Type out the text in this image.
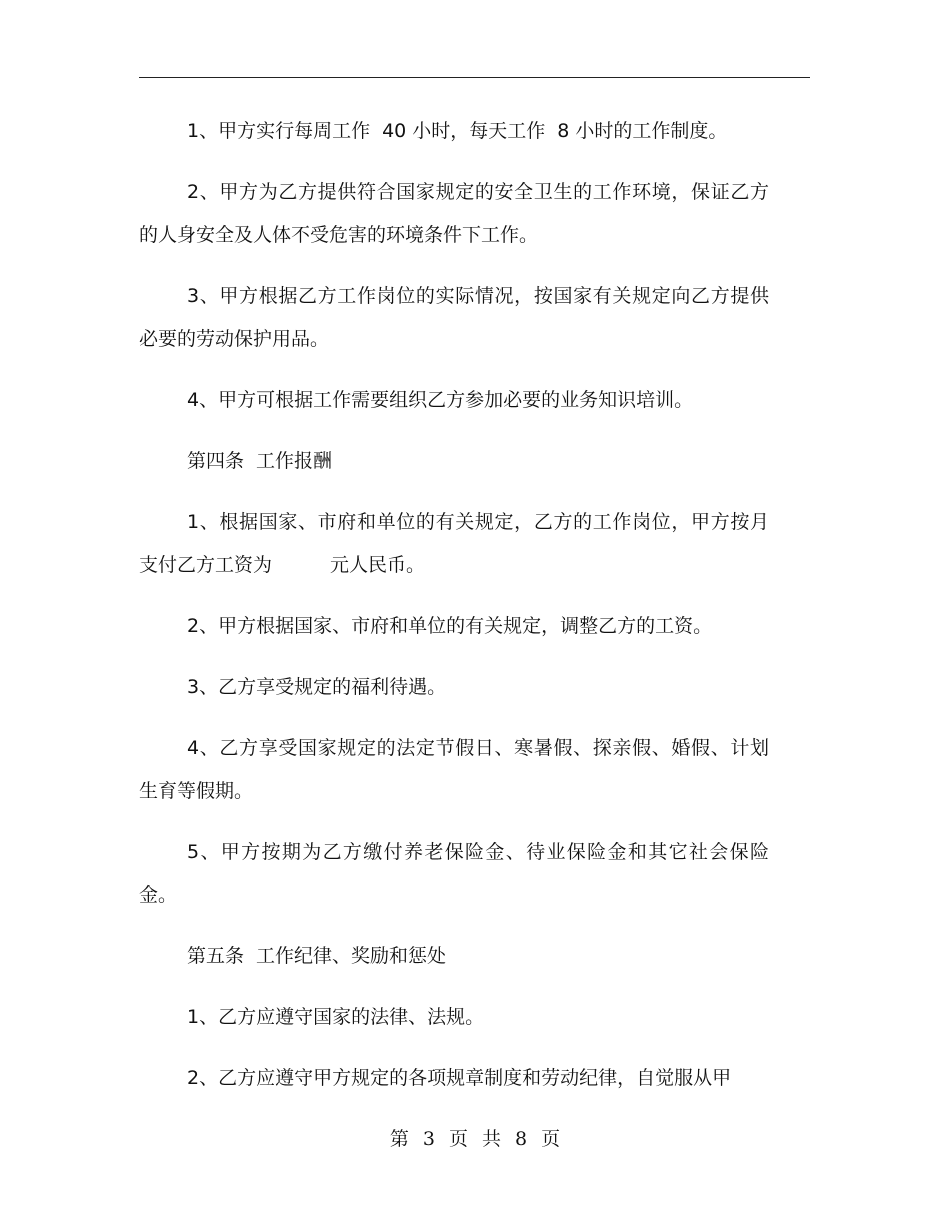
1、甲方实行每周工作 40 小时，每天工作 8 小时的工作制度。

2、甲方为乙方提供符合国家规定的安全卫生的工作环境，保证乙方的人身安全及人体不受危害的环境条件下工作。

3、甲方根据乙方工作岗位的实际情况，按国家有关规定向乙方提供必要的劳动保护用品。

4、甲方可根据工作需要组织乙方参加必要的业务知识培训。

第四条 工作报酬

1、根据国家、市府和单位的有关规定，乙方的工作岗位，甲方按月支付乙方工资为	元人民币。

2、甲方根据国家、市府和单位的有关规定，调整乙方的工资。

3、乙方享受规定的福利待遇。

4、乙方享受国家规定的法定节假日、寒暑假、探亲假、婚假、计划生育等假期。

5、甲方按期为乙方缴付养老保险金、待业保险金和其它社会保险金。

第五条 工作纪律、奖励和惩处

1、乙方应遵守国家的法律、法规。

2、乙方应遵守甲方规定的各项规章制度和劳动纪律，自觉服从甲

第 3 页 共 8 页
